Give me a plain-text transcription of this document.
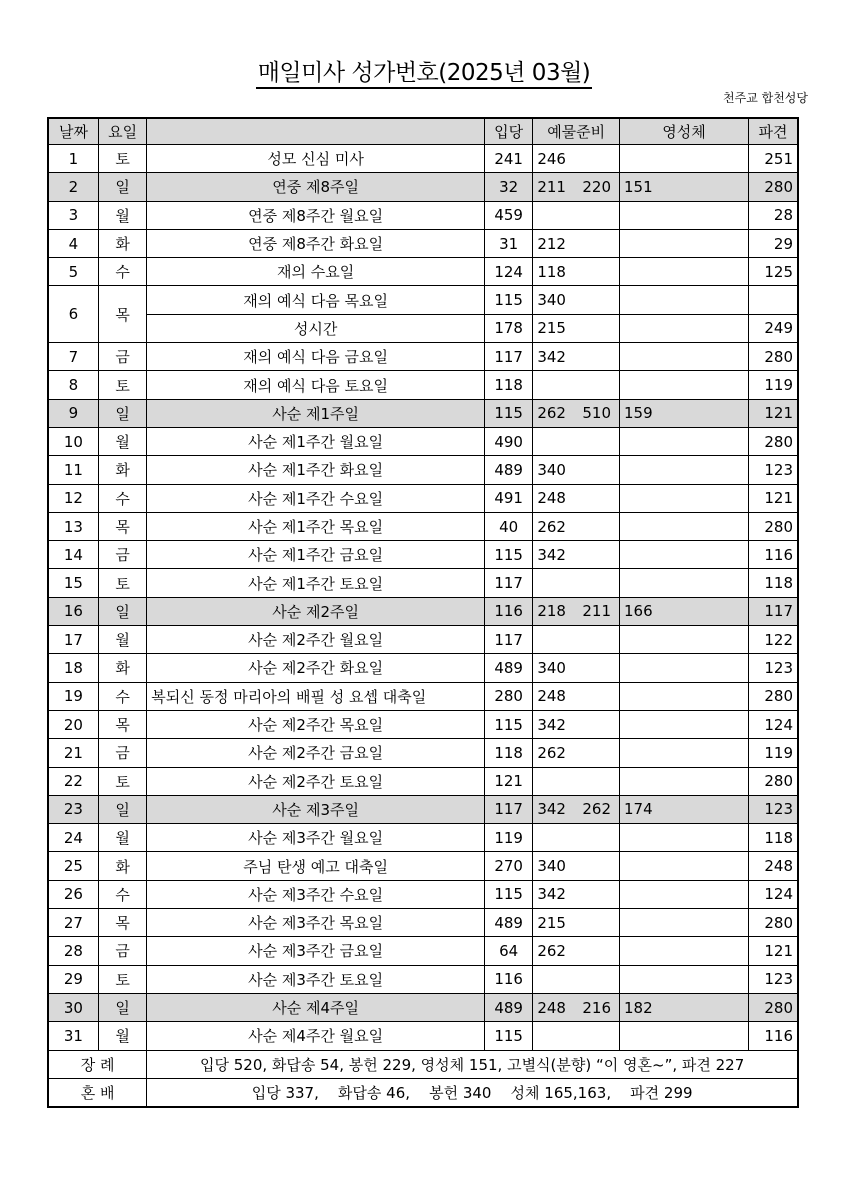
매일미사 성가번호(2025년 03월)
천주교 합천성당
날짜	요일		입당	예물준비	영성체	파견
1	토	성모 신심 미사	241	246		251
2	일	연중 제8주일	32	211 220	151	280
3	월	연중 제8주간 월요일	459			28
4	화	연중 제8주간 화요일	31	212		29
5	수	재의 수요일	124	118		125
6	목	재의 예식 다음 목요일	115	340		

		성시간	178	215		249
7	금	재의 예식 다음 금요일	117	342		280
8	토	재의 예식 다음 토요일	118			119
9	일	사순 제1주일	115	262 510	159	121
10	월	사순 제1주간 월요일	490			280
11	화	사순 제1주간 화요일	489	340		123
12	수	사순 제1주간 수요일	491	248		121
13	목	사순 제1주간 목요일	40	262		280
14	금	사순 제1주간 금요일	115	342		116
15	토	사순 제1주간 토요일	117			118
16	일	사순 제2주일	116	218 211	166	117
17	월	사순 제2주간 월요일	117			122
18	화	사순 제2주간 화요일	489	340		123
19	수	복되신 동정 마리아의 배필 성 요셉 대축일	280	248		280
20	목	사순 제2주간 목요일	115	342		124
21	금	사순 제2주간 금요일	118	262		119
22	토	사순 제2주간 토요일	121			280
23	일	사순 제3주일	117	342 262	174	123
24	월	사순 제3주간 월요일	119			118
25	화	주님 탄생 예고 대축일	270	340		248
26	수	사순 제3주간 수요일	115	342		124
27	목	사순 제3주간 목요일	489	215		280
28	금	사순 제3주간 금요일	64	262		121
29	토	사순 제3주간 토요일	116			123
30	일	사순 제4주일	489	248 216	182	280
31	월	사순 제4주간 월요일	115			116
장 례		입당 520, 화답송 54, 봉헌 229, 영성체 151, 고별식(분향) “이 영혼~”, 파견 227				
혼 배		입당 337,    화답송 46,    봉헌 340    성체 165,163,    파견 299				
